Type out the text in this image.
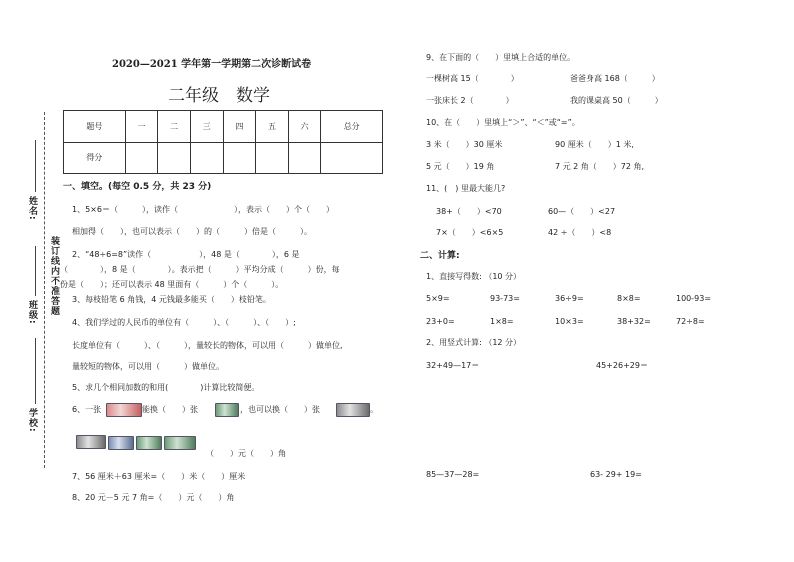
姓名:
装订线内不准答题
班级:
学校:
2020—2021 学年第一学期第二次诊断试卷
二年级　数学
题号	一	二	三	四	五	六	总分
得分							
一、填空。(每空 0.5 分，共 23 分)
1、5×6＝（　　　），读作（　　　　　　　），表示（　　）个（　　）
相加得（　　），也可以表示（　　）的（　　　）倍是（　　　）。
2、“48÷6=8”读作（　　　　　　），48 是（　　　　），6 是
（　　　　），8 是（　　　　）。表示把（　　　）平均分成（　　　）份，每
份是（　　）；还可以表示 48 里面有（　　　）个（　　　）。
3、每枝铅笔 6 角钱，4 元钱最多能买（　　）枝铅笔。
4、我们学过的人民币的单位有（　　　）、（　　　）、（　　）;
长度单位有（　　　）、（　　　），量较长的物体，可以用（　　　）做单位,
量较短的物体，可以用（　　　）做单位。
5、求几个相同加数的和用(　　　　)计算比较简便。
6、一张	能换（　　）张	，也可以换（　　）张	。
（　　）元（　　）角
7、56 厘米＋63 厘米=（　　）米（　　）厘米
8、20 元－5 元 7 角=（　　）元（　　）角
9、在下面的（　　）里填上合适的单位。
一棵树高 15（　　　　）	爸爸身高 168（　　　）
一张床长 2（　　　　）	我的课桌高 50（　　　）
10、在（　　）里填上“＞”、“＜”或“=”。
3 米（　　）30 厘米	90 厘米（　　）1 米,
5 元（　　）19 角	7 元 2 角（　　）72 角,
11、(　) 里最大能几?
38+（　　）<70	60—（　　）<27
7×（　　）<6×5	42 ÷（　　）<8
二、计算:
1、直接写得数: （10 分）
5×9=	93-73=	36÷9=	8×8=	100-93=
23+0=	1×8=	10×3=	38+32=	72÷8=
2、用竖式计算: （12 分）
32+49—17＝	45+26+29＝
85—37—28=	63- 29+ 19=
